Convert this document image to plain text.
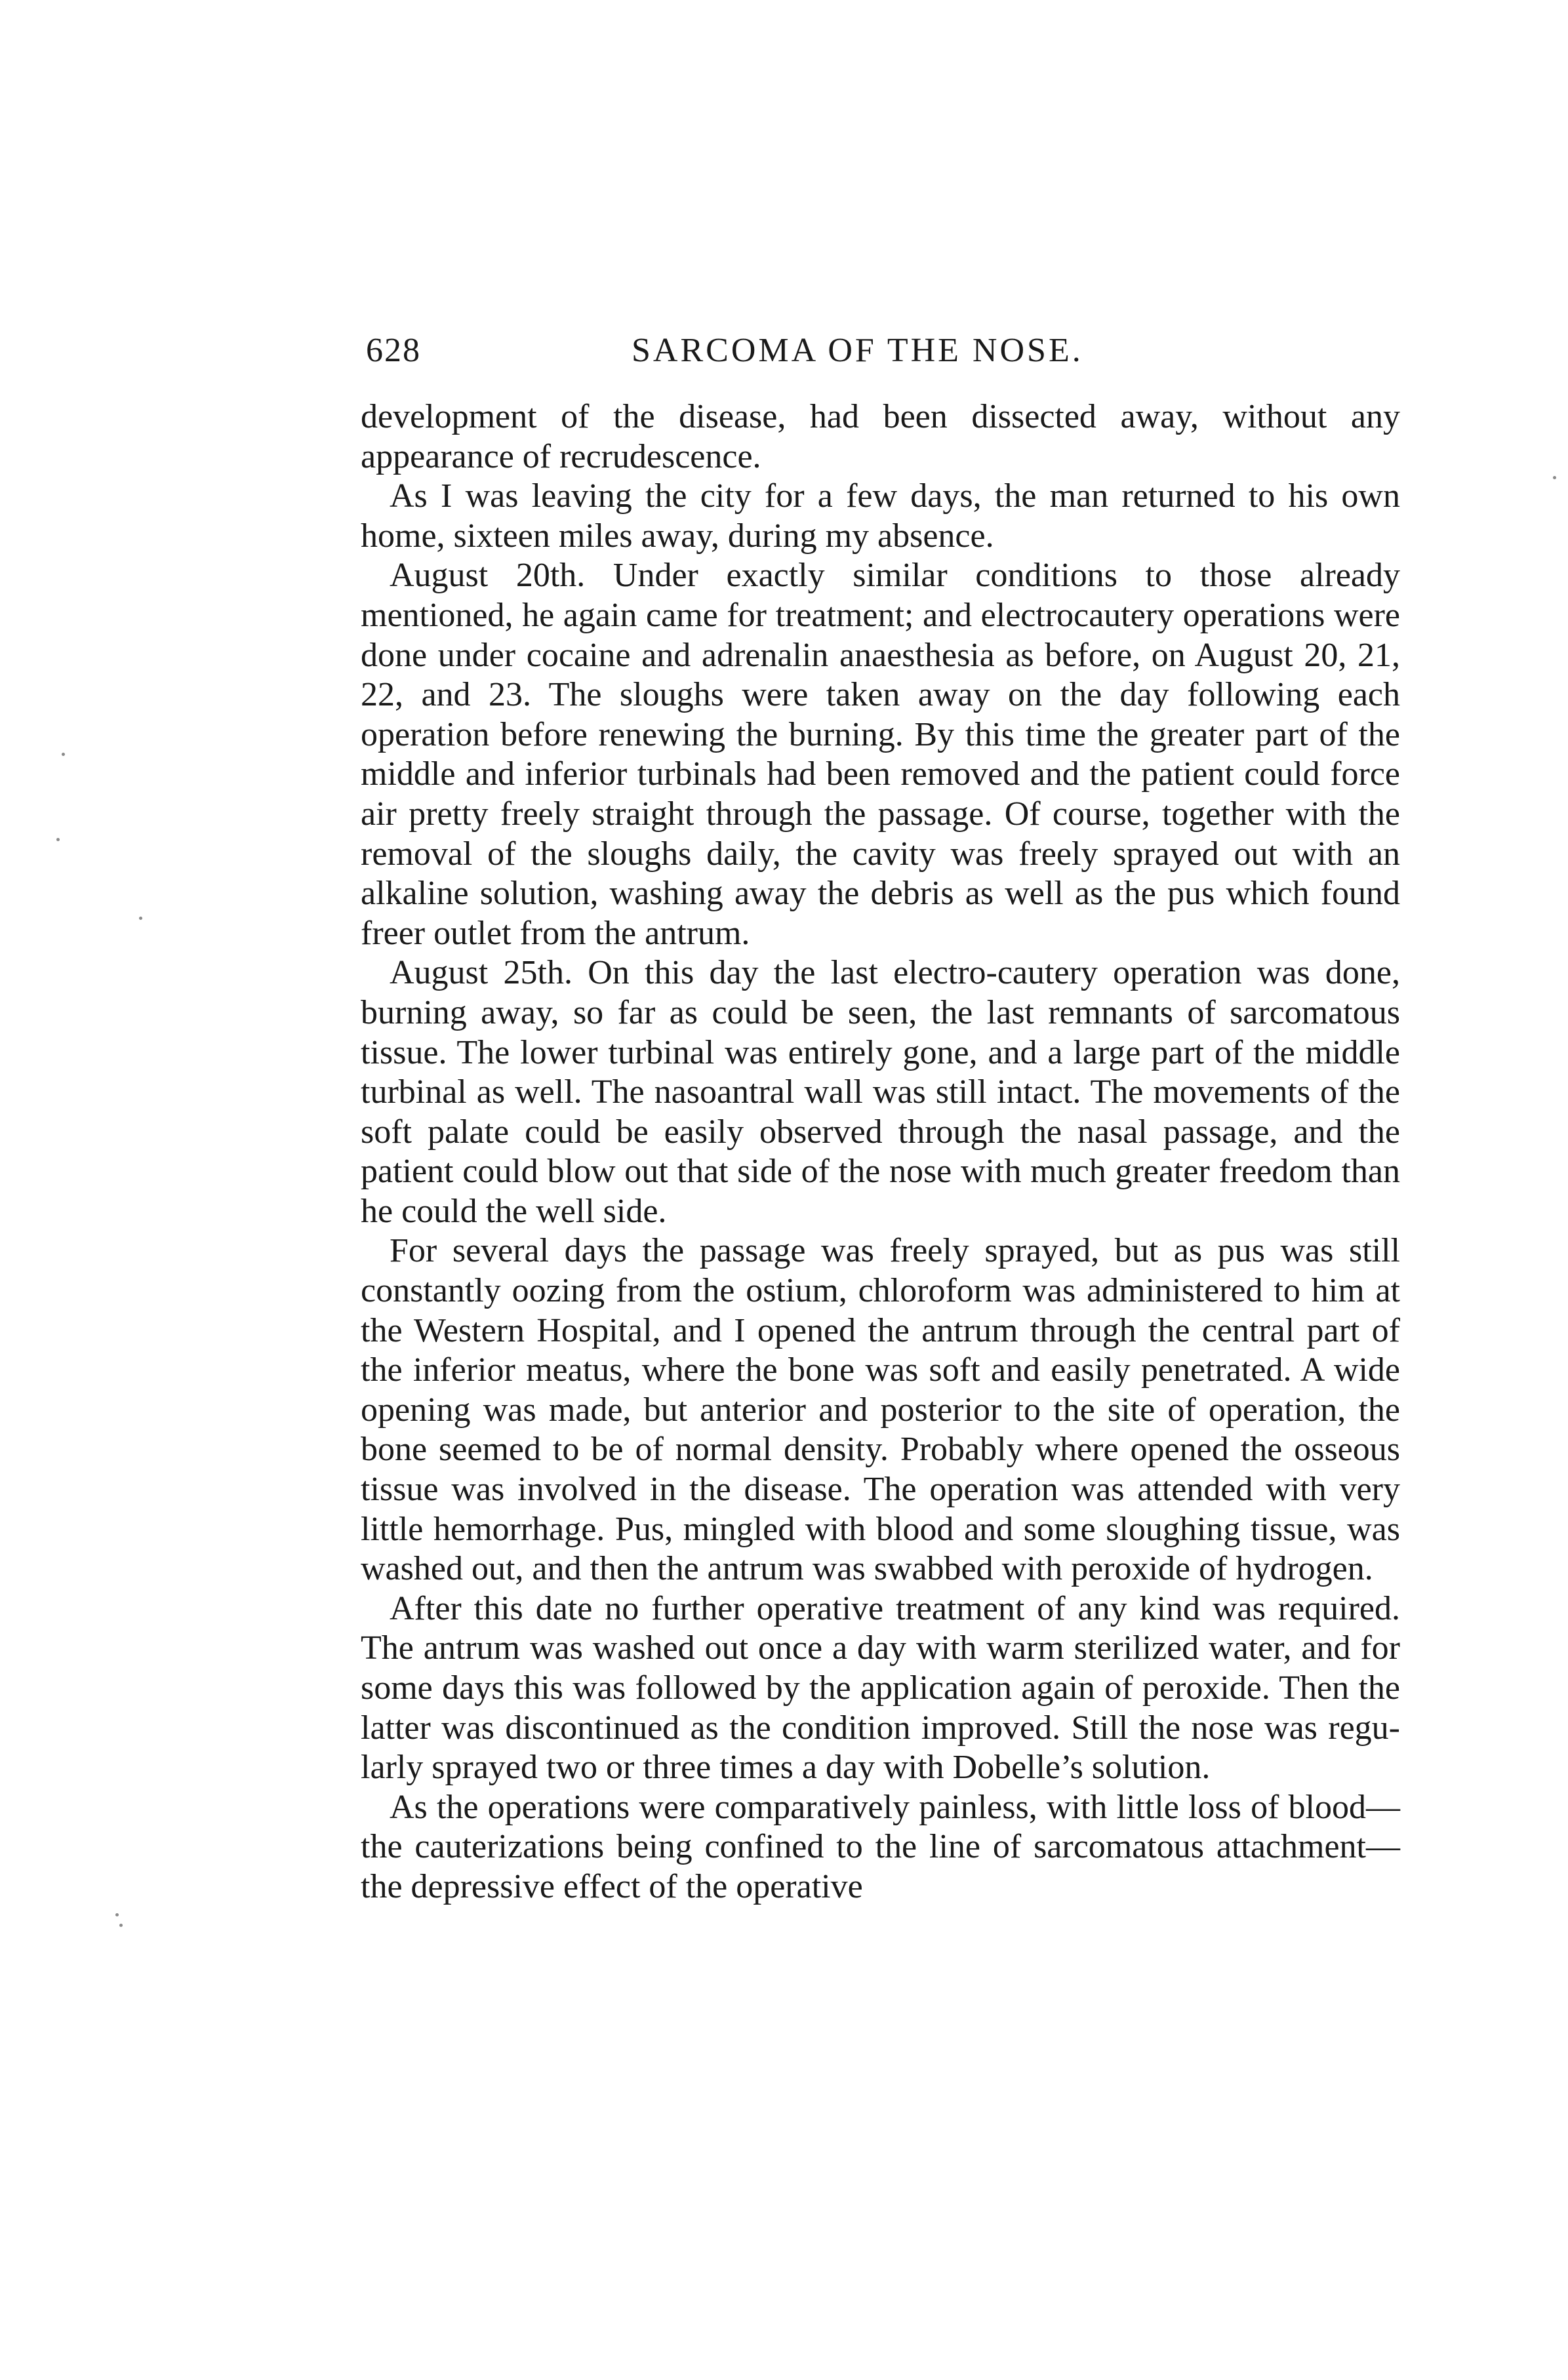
628	SARCOMA OF THE NOSE.

development of the disease, had been dissected away, without any appearance of recrudescence.

As I was leaving the city for a few days, the man returned to his own home, sixteen miles away, during my absence.

August 20th. Under exactly similar conditions to those already mentioned, he again came for treatment; and electrocautery operations were done under cocaine and adrenalin anaesthesia as before, on August 20, 21, 22, and 23. The sloughs were taken away on the day following each operation before renewing the burning. By this time the greater part of the middle and inferior turbinals had been removed and the patient could force air pretty freely straight through the passage. Of course, together with the removal of the sloughs daily, the cavity was freely sprayed out with an alkaline solution, washing away the debris as well as the pus which found freer outlet from the antrum.

August 25th. On this day the last electro-cautery operation was done, burning away, so far as could be seen, the last remnants of sarcomatous tissue. The lower turbinal was entirely gone, and a large part of the middle turbinal as well. The nasoantral wall was still intact. The movements of the soft palate could be easily observed through the nasal passage, and the patient could blow out that side of the nose with much greater freedom than he could the well side.

For several days the passage was freely sprayed, but as pus was still constantly oozing from the ostium, chloroform was administered to him at the Western Hospital, and I opened the antrum through the central part of the inferior meatus, where the bone was soft and easily penetrated. A wide opening was made, but anterior and posterior to the site of operation, the bone seemed to be of normal density. Probably where opened the osseous tissue was involved in the disease. The operation was attended with very little hemorrhage. Pus, mingled with blood and some sloughing tissue, was washed out, and then the antrum was swabbed with peroxide of hydrogen.

After this date no further operative treatment of any kind was required. The antrum was washed out once a day with warm sterilized water, and for some days this was followed by the application again of peroxide. Then the latter was discontinued as the condition improved. Still the nose was regularly sprayed two or three times a day with Dobelle’s solution.

As the operations were comparatively painless, with little loss of blood—the cauterizations being confined to the line of sarcomatous attachment—the depressive effect of the operative
